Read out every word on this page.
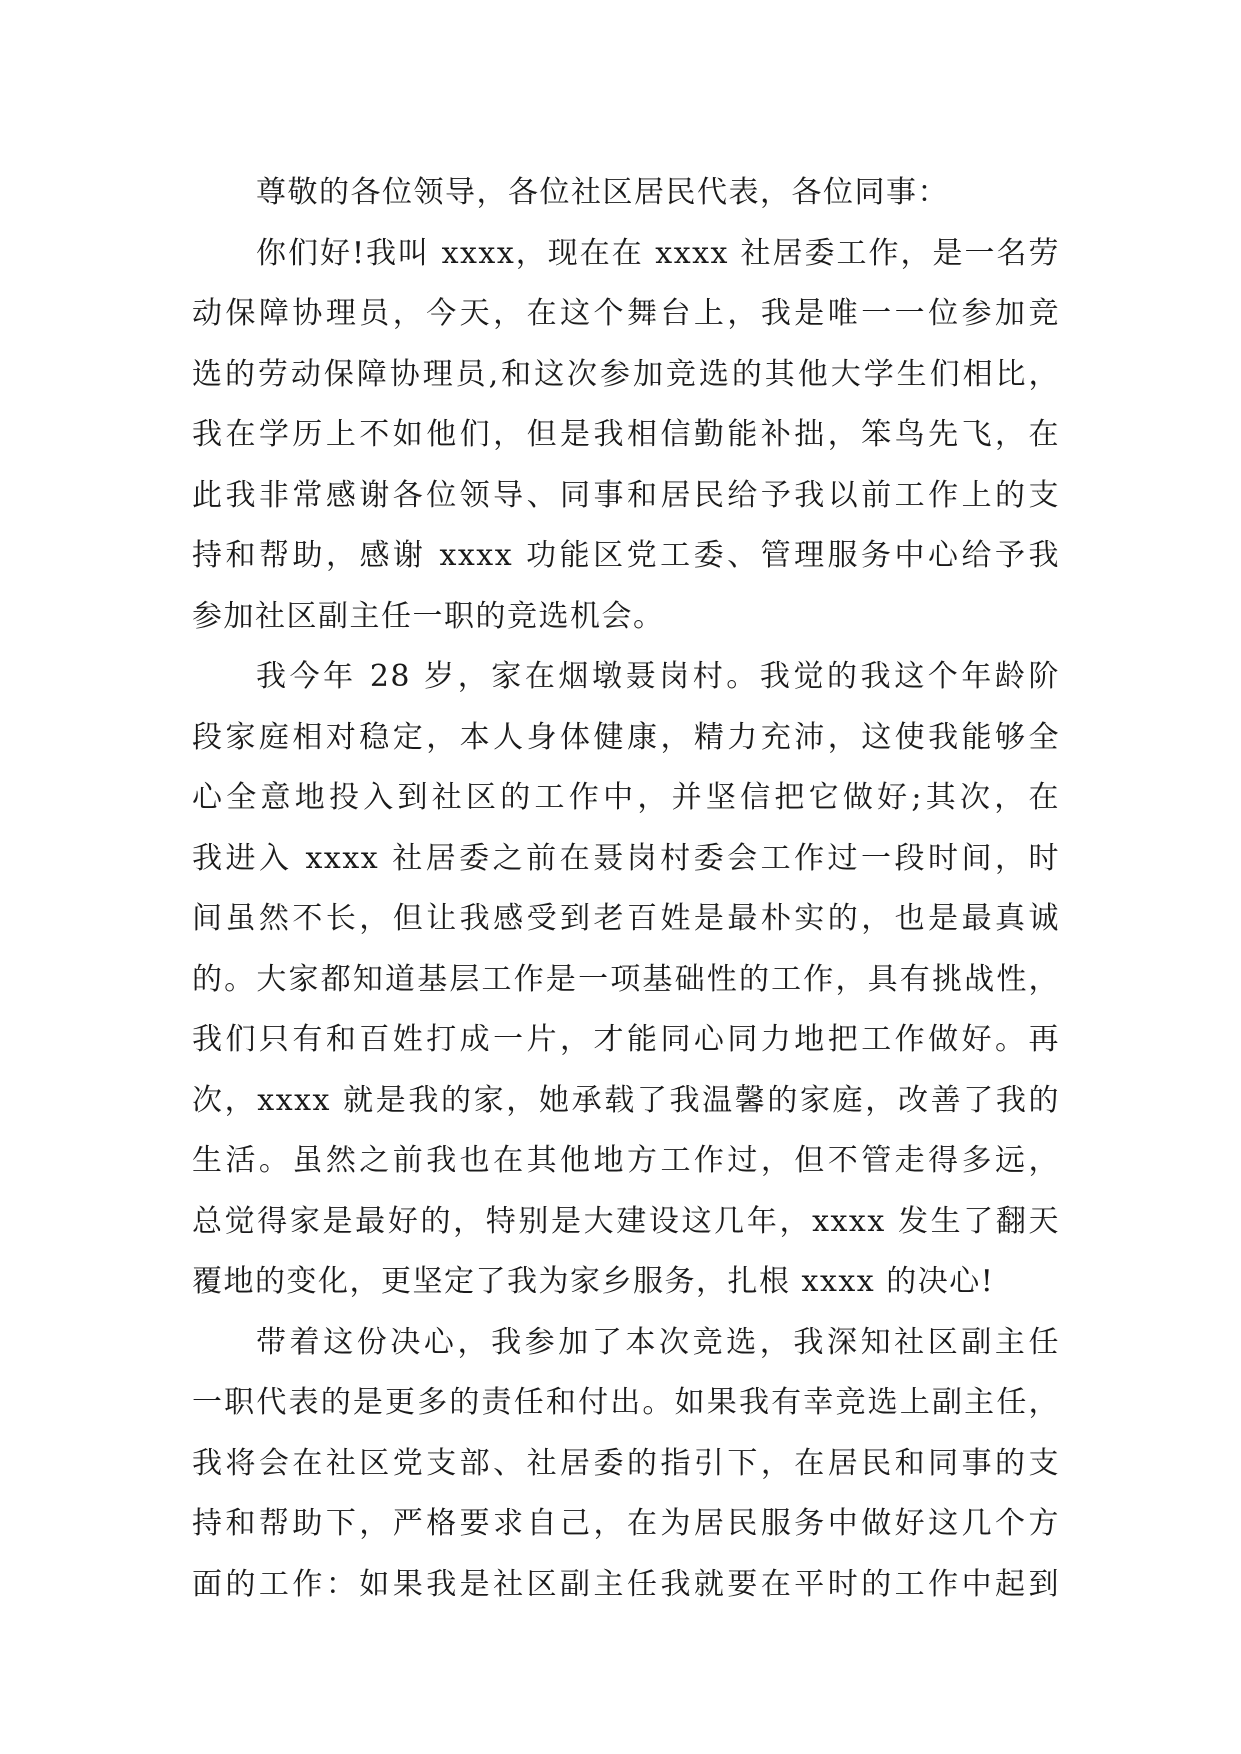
尊敬的各位领导，各位社区居民代表，各位同事：
你们好!我叫 xxxx，现在在 xxxx 社居委工作，是一名劳
动保障协理员，今天，在这个舞台上，我是唯一一位参加竞
选的劳动保障协理员,和这次参加竞选的其他大学生们相比，
我在学历上不如他们，但是我相信勤能补拙，笨鸟先飞，在
此我非常感谢各位领导、同事和居民给予我以前工作上的支
持和帮助，感谢 xxxx 功能区党工委、管理服务中心给予我
参加社区副主任一职的竞选机会。
我今年 28 岁，家在烟墩聂岗村。我觉的我这个年龄阶
段家庭相对稳定，本人身体健康，精力充沛，这使我能够全
心全意地投入到社区的工作中，并坚信把它做好;其次，在
我进入 xxxx 社居委之前在聂岗村委会工作过一段时间，时
间虽然不长，但让我感受到老百姓是最朴实的，也是最真诚
的。大家都知道基层工作是一项基础性的工作，具有挑战性，
我们只有和百姓打成一片，才能同心同力地把工作做好。再
次，xxxx 就是我的家，她承载了我温馨的家庭，改善了我的
生活。虽然之前我也在其他地方工作过，但不管走得多远，
总觉得家是最好的，特别是大建设这几年，xxxx 发生了翻天
覆地的变化，更坚定了我为家乡服务，扎根 xxxx 的决心!
带着这份决心，我参加了本次竞选，我深知社区副主任
一职代表的是更多的责任和付出。如果我有幸竞选上副主任，
我将会在社区党支部、社居委的指引下，在居民和同事的支
持和帮助下，严格要求自己，在为居民服务中做好这几个方
面的工作：如果我是社区副主任我就要在平时的工作中起到
